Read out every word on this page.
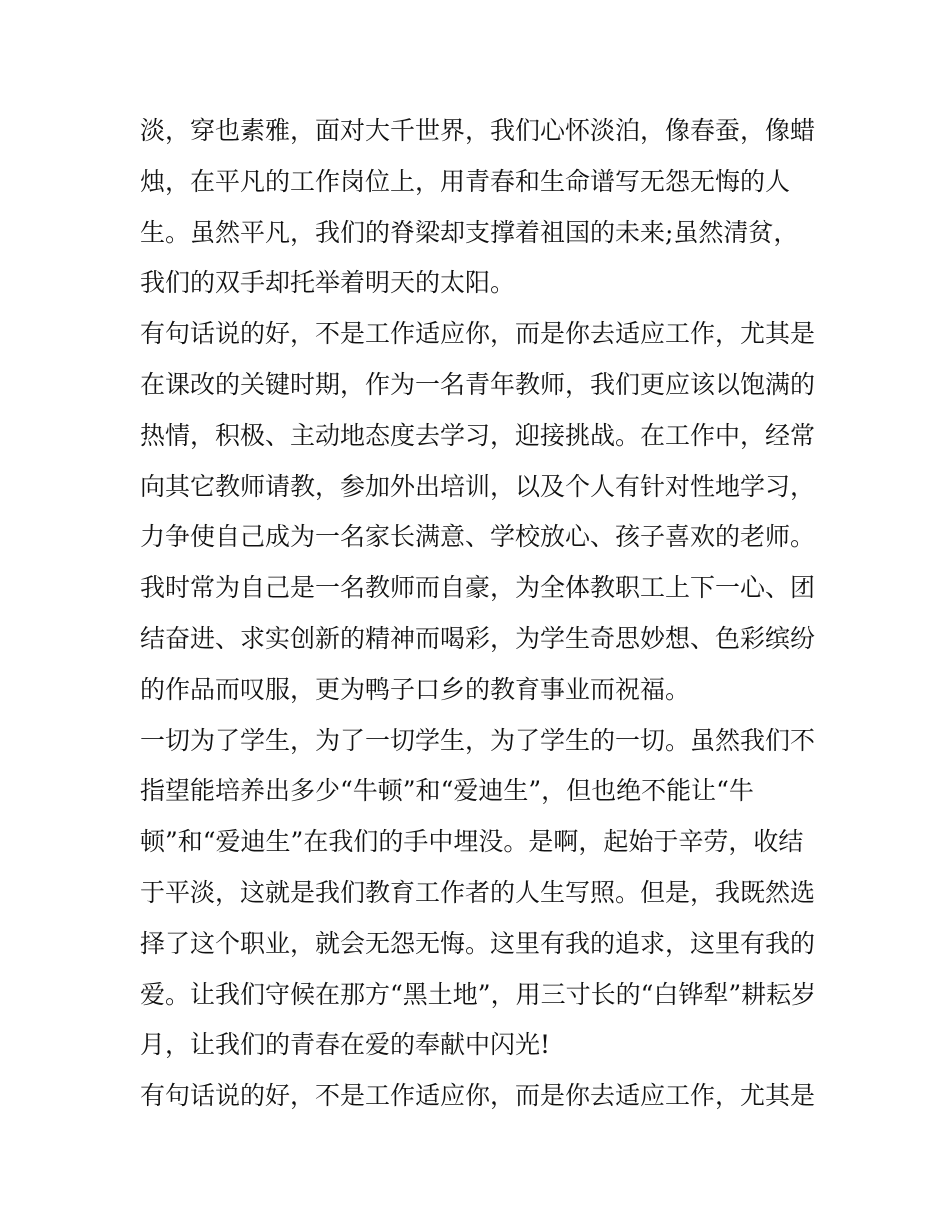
淡，穿也素雅，面对大千世界，我们心怀淡泊，像春蚕，像蜡
烛，在平凡的工作岗位上，用青春和生命谱写无怨无悔的人
生。虽然平凡，我们的脊梁却支撑着祖国的未来;虽然清贫，
我们的双手却托举着明天的太阳。
有句话说的好，不是工作适应你，而是你去适应工作，尤其是
在课改的关键时期，作为一名青年教师，我们更应该以饱满的
热情，积极、主动地态度去学习，迎接挑战。在工作中，经常
向其它教师请教，参加外出培训，以及个人有针对性地学习，
力争使自己成为一名家长满意、学校放心、孩子喜欢的老师。
我时常为自己是一名教师而自豪，为全体教职工上下一心、团
结奋进、求实创新的精神而喝彩，为学生奇思妙想、色彩缤纷
的作品而叹服，更为鸭子口乡的教育事业而祝福。
一切为了学生，为了一切学生，为了学生的一切。虽然我们不
指望能培养出多少“牛顿”和“爱迪生”，但也绝不能让“牛
顿”和“爱迪生”在我们的手中埋没。是啊，起始于辛劳，收结
于平淡，这就是我们教育工作者的人生写照。但是，我既然选
择了这个职业，就会无怨无悔。这里有我的追求，这里有我的
爱。让我们守候在那方“黑土地”，用三寸长的“白铧犁”耕耘岁
月，让我们的青春在爱的奉献中闪光!
有句话说的好，不是工作适应你，而是你去适应工作，尤其是
